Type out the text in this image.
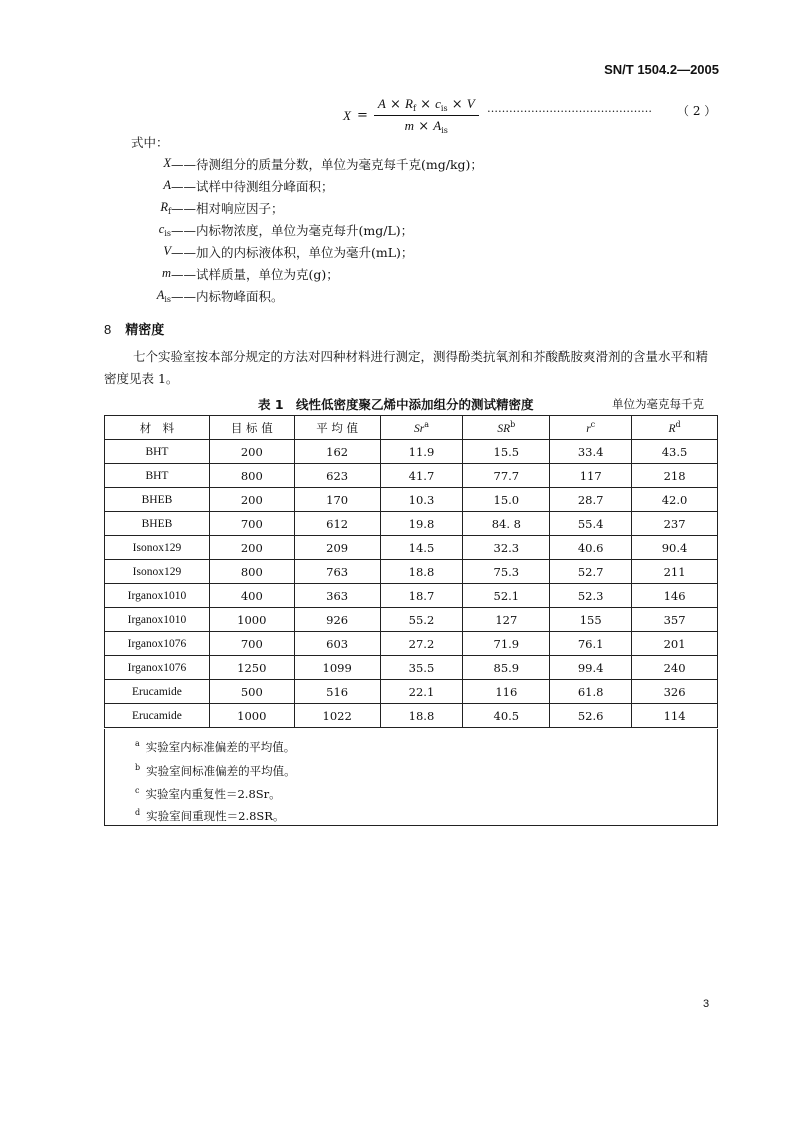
SN/T 1504.2—2005
$X = \frac{A \times R_f \times c_{is} \times V}{m \times A_{is}}$ ……………………………………… （ 2 ）
式中：
X ——待测组分的质量分数，单位为毫克每千克(mg/kg)；
A ——试样中待测组分峰面积；
$R_f$ ——相对响应因子；
$c_{is}$ ——内标物浓度，单位为毫克每升(mg/L)；
V ——加入的内标液体积，单位为毫升(mL)；
m ——试样质量，单位为克(g)；
$A_{is}$ ——内标物峰面积。
8 精密度
七个实验室按本部分规定的方法对四种材料进行测定，测得酚类抗氧剂和芥酸酰胺爽滑剂的含量水平和精密度见表 1。
表 1　线性低密度聚乙烯中添加组分的测试精密度	单位为毫克每千克
材　料	目 标 值	平 均 值	Sr$^a$	$SR^b$	$r^c$	$R^d$
BHT	200	162	11.9	15.5	33.4	43.5
BHT	800	623	41.7	77.7	117	218
BHEB	200	170	10.3	15.0	28.7	42.0
BHEB	700	612	19.8	84. 8	55.4	237
Isonox129	200	209	14.5	32.3	40.6	90.4
Isonox129	800	763	18.8	75.3	52.7	211
Irganox1010	400	363	18.7	52.1	52.3	146
Irganox1010	1000	926	55.2	127	155	357
Irganox1076	700	603	27.2	71.9	76.1	201
Irganox1076	1250	1099	35.5	85.9	99.4	240
Erucamide	500	516	22.1	116	61.8	326
Erucamide	1000	1022	18.8	40.5	52.6	114
$^a$ 实验室内标准偏差的平均值。
$^b$ 实验室间标准偏差的平均值。
$^c$ 实验室内重复性＝2.8Sr。
$^d$ 实验室间重现性＝2.8SR。
3
